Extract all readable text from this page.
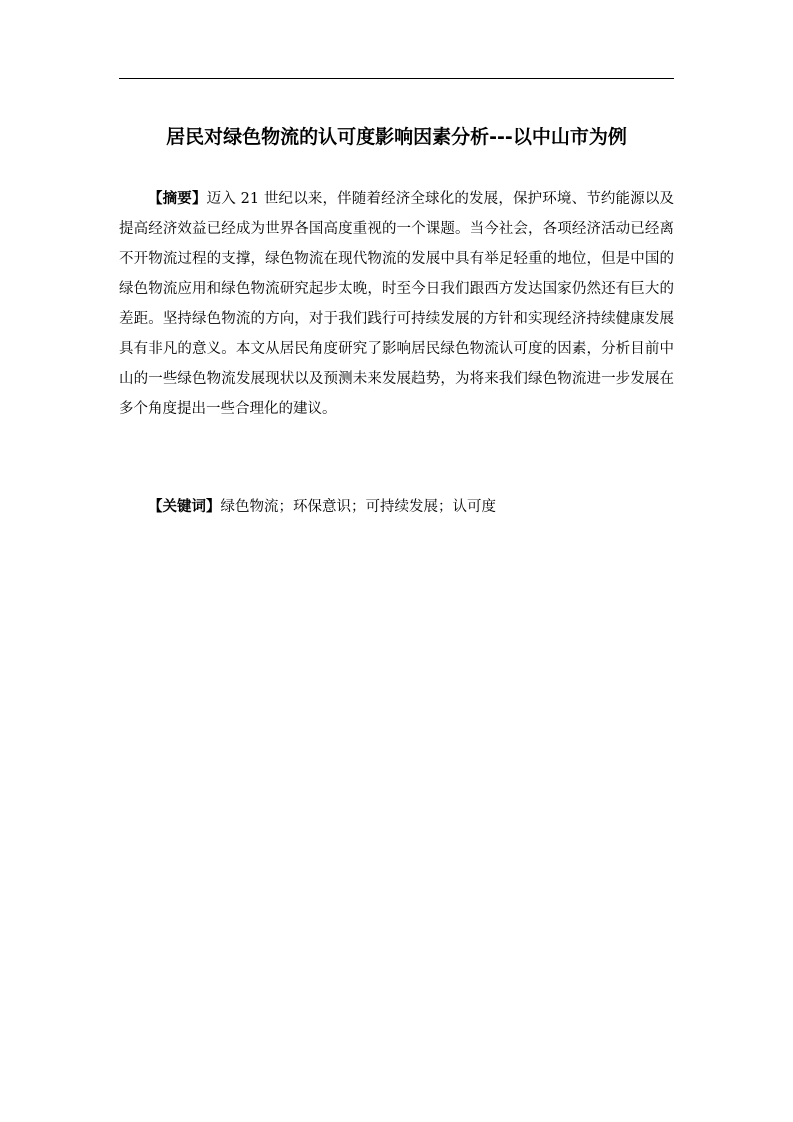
居民对绿色物流的认可度影响因素分析---以中山市为例

【摘要】迈入 21 世纪以来，伴随着经济全球化的发展，保护环境、节约能源以及提高经济效益已经成为世界各国高度重视的一个课题。当今社会，各项经济活动已经离不开物流过程的支撑，绿色物流在现代物流的发展中具有举足轻重的地位，但是中国的绿色物流应用和绿色物流研究起步太晚，时至今日我们跟西方发达国家仍然还有巨大的差距。坚持绿色物流的方向，对于我们践行可持续发展的方针和实现经济持续健康发展具有非凡的意义。本文从居民角度研究了影响居民绿色物流认可度的因素，分析目前中山的一些绿色物流发展现状以及预测未来发展趋势，为将来我们绿色物流进一步发展在多个角度提出一些合理化的建议。

【关键词】绿色物流；环保意识；可持续发展；认可度
